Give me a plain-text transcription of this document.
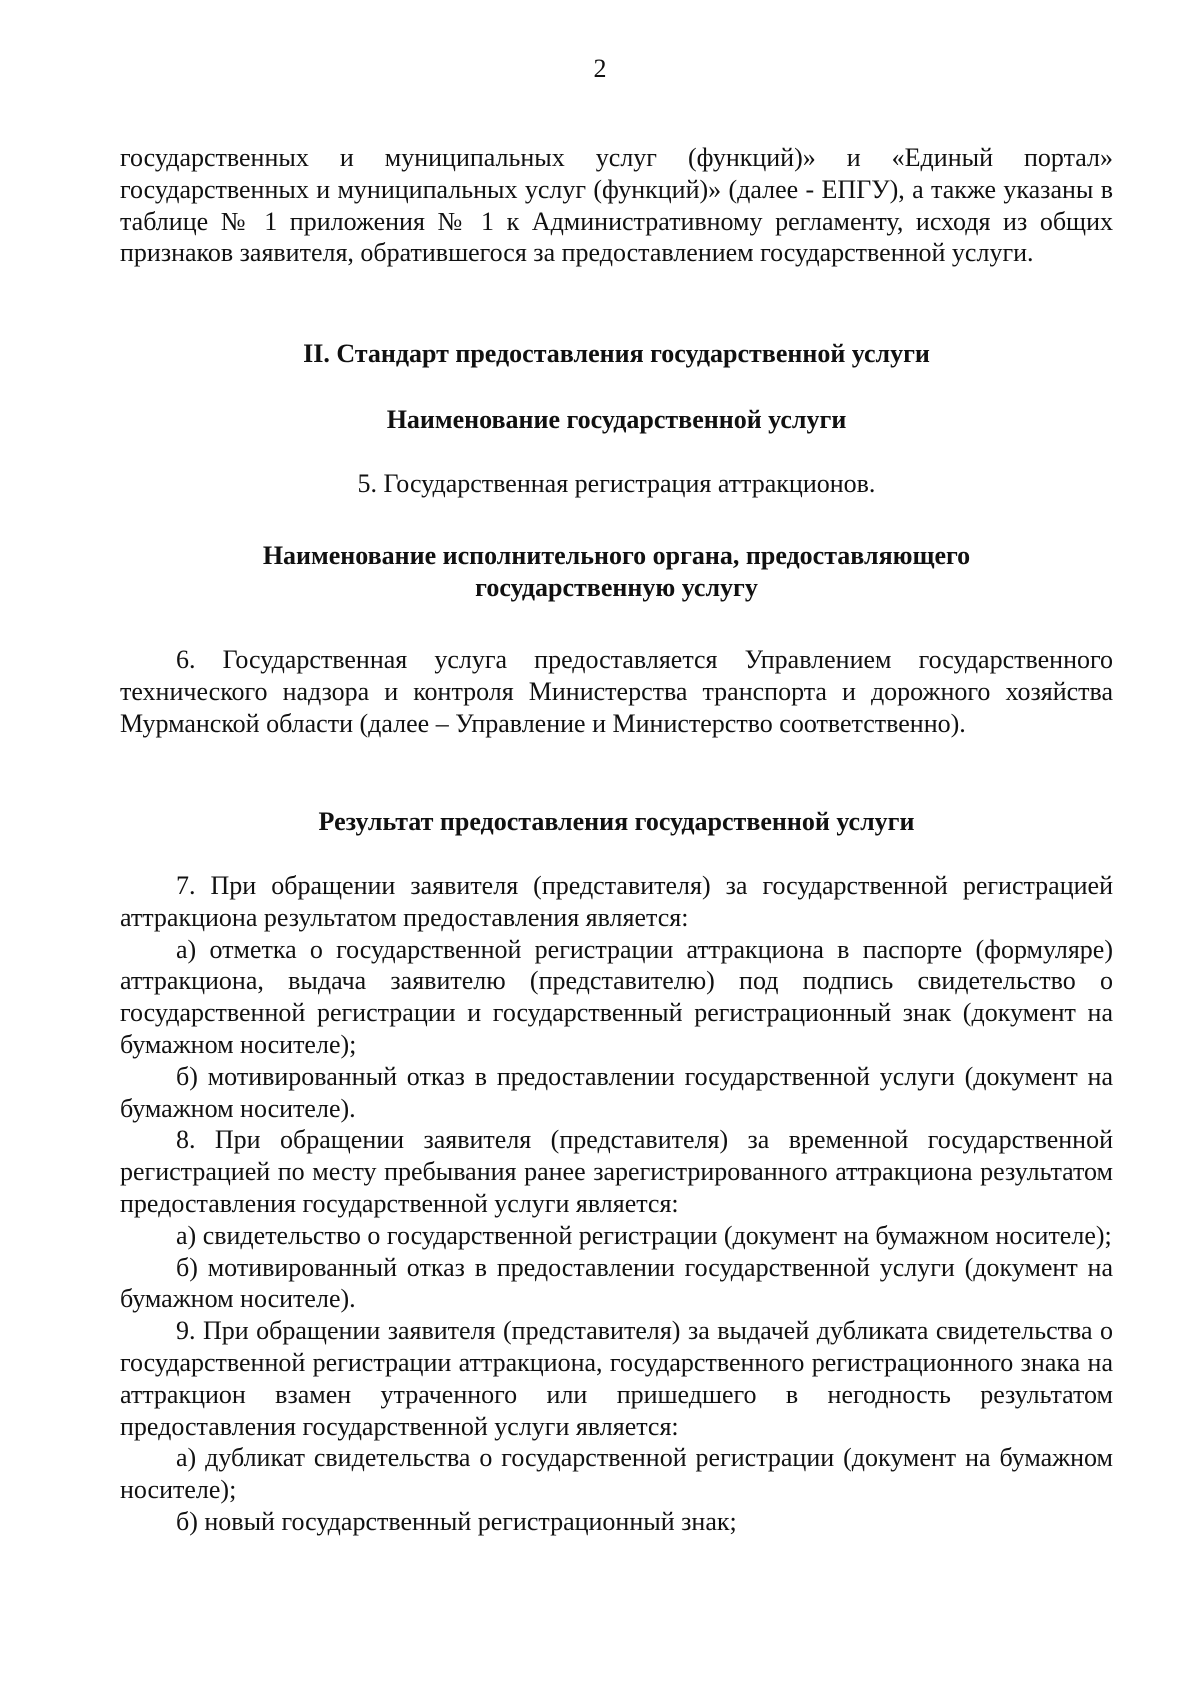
2

государственных и муниципальных услуг (функций)» и «Единый портал» государственных и муниципальных услуг (функций)» (далее - ЕПГУ), а также указаны в таблице № 1 приложения № 1 к Административному регламенту, исходя из общих признаков заявителя, обратившегося за предоставлением государственной услуги.

II. Стандарт предоставления государственной услуги

Наименование государственной услуги

5. Государственная регистрация аттракционов.

Наименование исполнительного органа, предоставляющего

государственную услугу

6. Государственная услуга предоставляется Управлением государственного технического надзора и контроля Министерства транспорта и дорожного хозяйства Мурманской области (далее – Управление и Министерство соответственно).

Результат предоставления государственной услуги

7. При обращении заявителя (представителя) за государственной регистрацией аттракциона результатом предоставления является:

а) отметка о государственной регистрации аттракциона в паспорте (формуляре) аттракциона, выдача заявителю (представителю) под подпись свидетельство о государственной регистрации и государственный регистрационный знак (документ на бумажном носителе);

б) мотивированный отказ в предоставлении государственной услуги (документ на бумажном носителе).

8. При обращении заявителя (представителя) за временной государственной регистрацией по месту пребывания ранее зарегистрированного аттракциона результатом предоставления государственной услуги является:

а) свидетельство о государственной регистрации (документ на бумажном носителе);

б) мотивированный отказ в предоставлении государственной услуги (документ на бумажном носителе).

9. При обращении заявителя (представителя) за выдачей дубликата свидетельства о государственной регистрации аттракциона, государственного регистрационного знака на аттракцион взамен утраченного или пришедшего в негодность результатом предоставления государственной услуги является:

а) дубликат свидетельства о государственной регистрации (документ на бумажном носителе);

б) новый государственный регистрационный знак;
